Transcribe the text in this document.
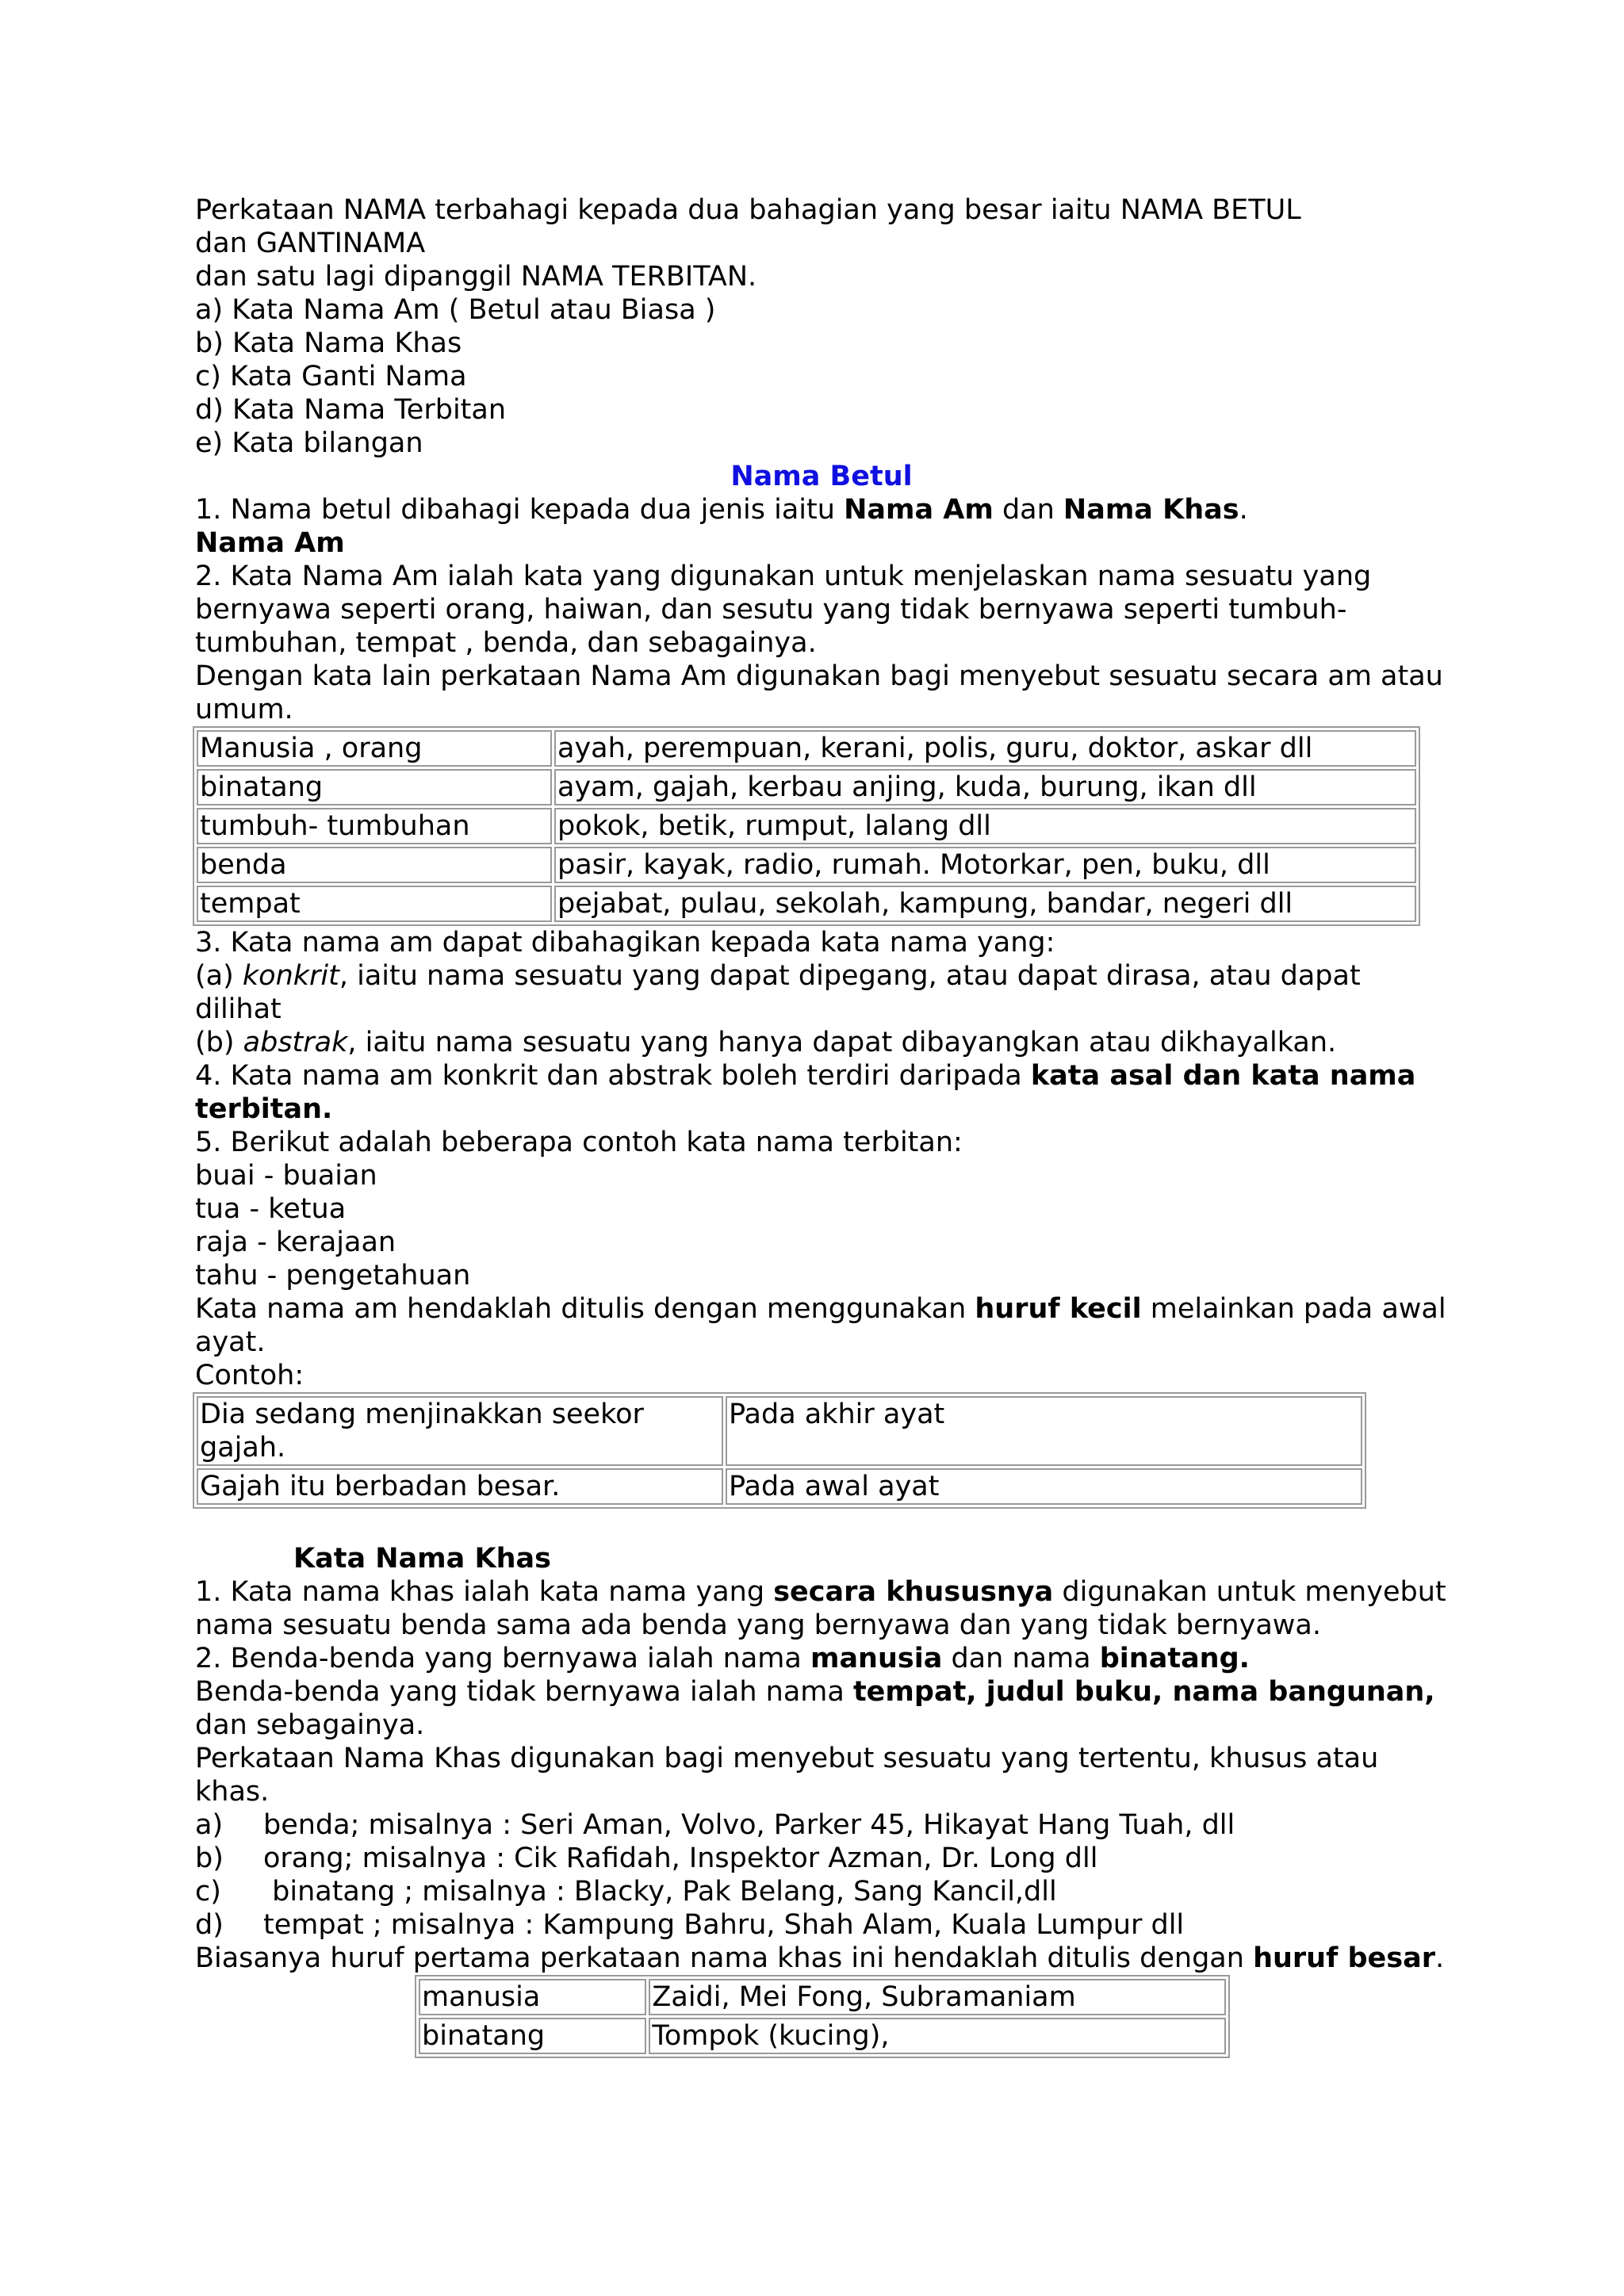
Perkataan NAMA terbahagi kepada dua bahagian yang besar iaitu NAMA BETUL dan GANTINAMA

dan satu lagi dipanggil NAMA TERBITAN.

a) Kata Nama Am ( Betul atau Biasa )

b) Kata Nama Khas

c) Kata Ganti Nama

d) Kata Nama Terbitan

e) Kata bilangan

Nama Betul

1. Nama betul dibahagi kepada dua jenis iaitu Nama Am dan Nama Khas.

Nama Am

2. Kata Nama Am ialah kata yang digunakan untuk menjelaskan nama sesuatu yang bernyawa seperti orang, haiwan, dan sesutu yang tidak bernyawa seperti tumbuh-tumbuhan, tempat , benda, dan sebagainya.

Dengan kata lain perkataan Nama Am digunakan bagi menyebut sesuatu secara am atau umum.

Manusia , orang	ayah, perempuan, kerani, polis, guru, doktor, askar dll
binatang	ayam, gajah, kerbau anjing, kuda, burung, ikan dll
tumbuh- tumbuhan	pokok, betik, rumput, lalang dll
benda	pasir, kayak, radio, rumah. Motorkar, pen, buku, dll
tempat	pejabat, pulau, sekolah, kampung, bandar, negeri dll

3. Kata nama am dapat dibahagikan kepada kata nama yang:

(a) konkrit, iaitu nama sesuatu yang dapat dipegang, atau dapat dirasa, atau dapat dilihat

(b) abstrak, iaitu nama sesuatu yang hanya dapat dibayangkan atau dikhayalkan.

4. Kata nama am konkrit dan abstrak boleh terdiri daripada kata asal dan kata nama terbitan.

5. Berikut adalah beberapa contoh kata nama terbitan:

buai - buaian

tua - ketua

raja - kerajaan

tahu - pengetahuan

Kata nama am hendaklah ditulis dengan menggunakan huruf kecil melainkan pada awal ayat.

Contoh:

Dia sedang menjinakkan seekor gajah.	Pada akhir ayat
Gajah itu berbadan besar.	Pada awal ayat

Kata Nama Khas

1. Kata nama khas ialah kata nama yang secara khususnya digunakan untuk menyebut nama sesuatu benda sama ada benda yang bernyawa dan yang tidak bernyawa.

2. Benda-benda yang bernyawa ialah nama manusia dan nama binatang.

Benda-benda yang tidak bernyawa ialah nama tempat, judul buku, nama bangunan, dan sebagainya.

Perkataan Nama Khas digunakan bagi menyebut sesuatu yang tertentu, khusus atau khas.

a) benda; misalnya : Seri Aman, Volvo, Parker 45, Hikayat Hang Tuah, dll

b) orang; misalnya : Cik Rafidah, Inspektor Azman, Dr. Long dll

c) binatang ; misalnya : Blacky, Pak Belang, Sang Kancil,dll

d) tempat ; misalnya : Kampung Bahru, Shah Alam, Kuala Lumpur dll

Biasanya huruf pertama perkataan nama khas ini hendaklah ditulis dengan huruf besar.

manusia	Zaidi, Mei Fong, Subramaniam
binatang	Tompok (kucing),
